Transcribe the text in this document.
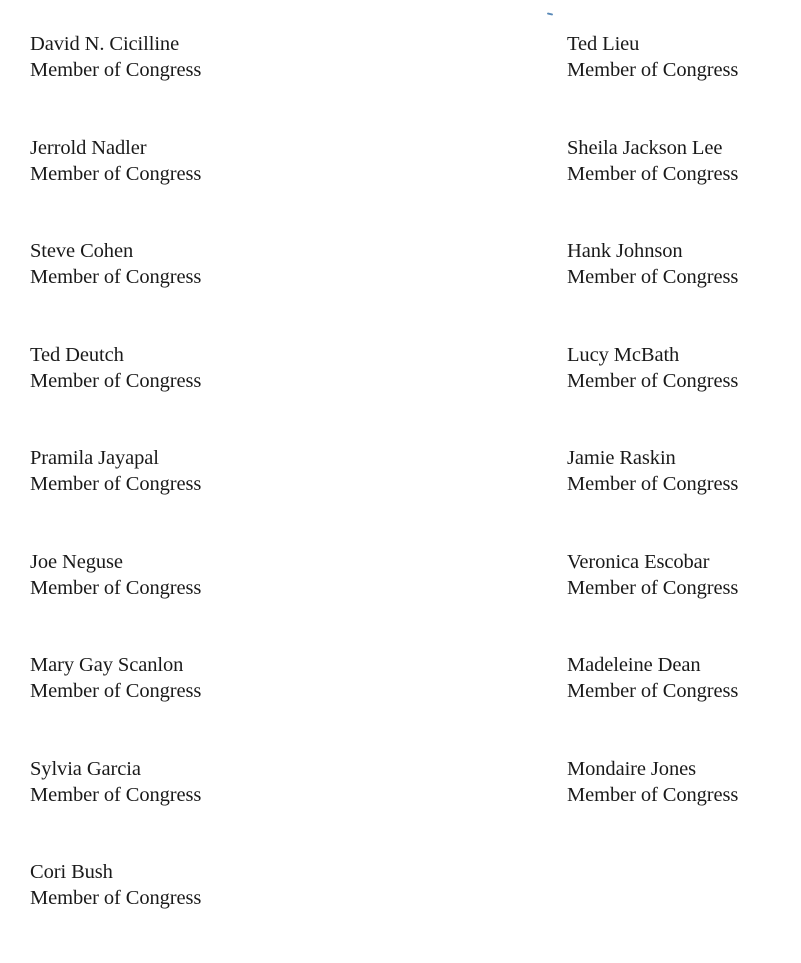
David N. Cicilline
Member of Congress
Jerrold Nadler
Member of Congress
Steve Cohen
Member of Congress
Ted Deutch
Member of Congress
Pramila Jayapal
Member of Congress
Joe Neguse
Member of Congress
Mary Gay Scanlon
Member of Congress
Sylvia Garcia
Member of Congress
Cori Bush
Member of Congress
Ted Lieu
Member of Congress
Sheila Jackson Lee
Member of Congress
Hank Johnson
Member of Congress
Lucy McBath
Member of Congress
Jamie Raskin
Member of Congress
Veronica Escobar
Member of Congress
Madeleine Dean
Member of Congress
Mondaire Jones
Member of Congress
